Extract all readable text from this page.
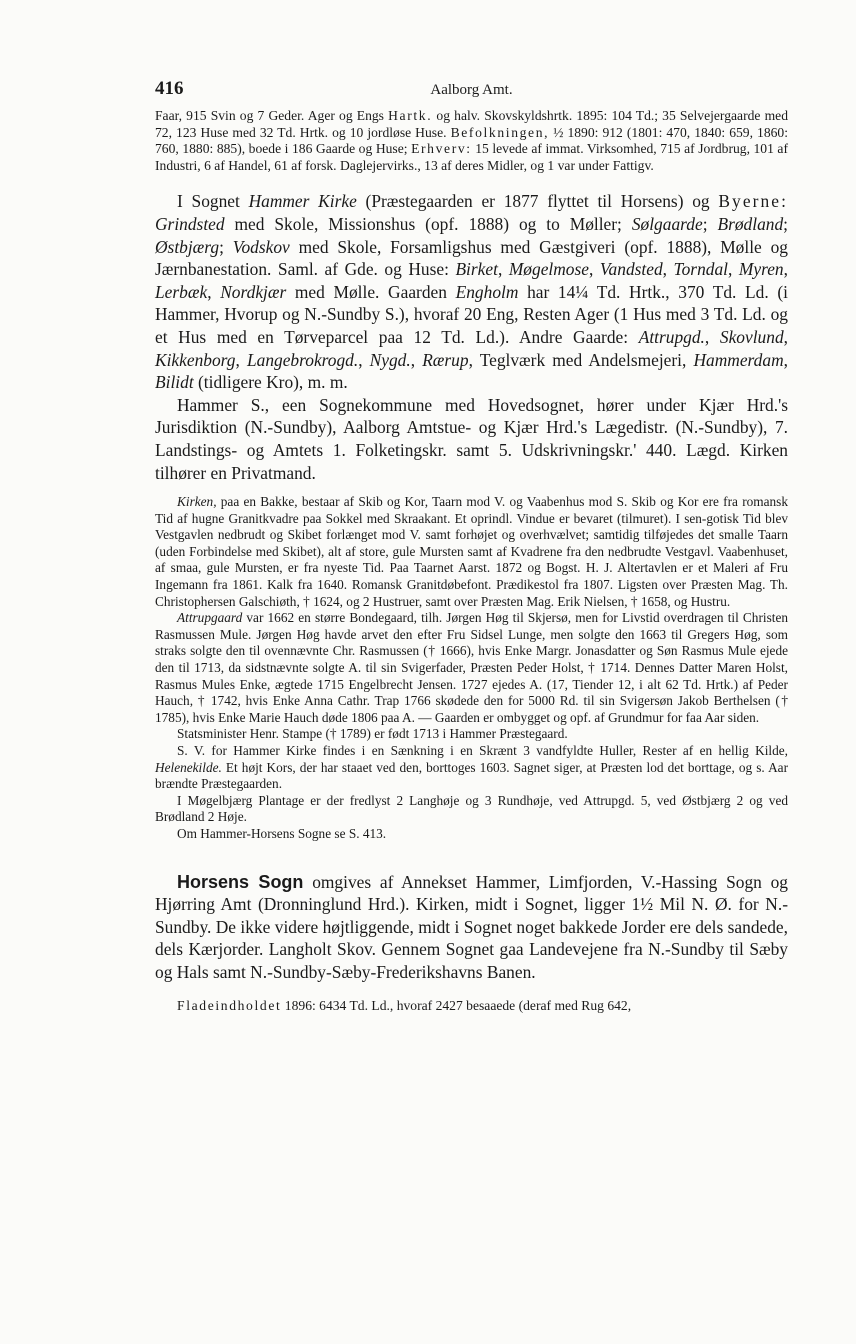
416	Aalborg Amt.

Faar, 915 Svin og 7 Geder. Ager og Engs Hartk. og halv. Skovskyldshrtk. 1895: 104 Td.; 35 Selvejergaarde med 72, 123 Huse med 32 Td. Hrtk. og 10 jordløse Huse. Befolkningen, ½ 1890: 912 (1801: 470, 1840: 659, 1860: 760, 1880: 885), boede i 186 Gaarde og Huse; Erhverv: 15 levede af immat. Virksomhed, 715 af Jordbrug, 101 af Industri, 6 af Handel, 61 af forsk. Daglejervirks., 13 af deres Midler, og 1 var under Fattigv.

I Sognet Hammer Kirke (Præstegaarden er 1877 flyttet til Horsens) og Byerne: Grindsted med Skole, Missionshus (opf. 1888) og to Møller; Sølgaarde; Brødland; Østbjærg; Vodskov med Skole, Forsamligshus med Gæstgiveri (opf. 1888), Mølle og Jærnbanestation. Saml. af Gde. og Huse: Birket, Møgelmose, Vandsted, Torndal, Myren, Lerbæk, Nordkjær med Mølle. Gaarden Engholm har 14¼ Td. Hrtk., 370 Td. Ld. (i Hammer, Hvorup og N.-Sundby S.), hvoraf 20 Eng, Resten Ager (1 Hus med 3 Td. Ld. og et Hus med en Tørveparcel paa 12 Td. Ld.). Andre Gaarde: Attrupgd., Skovlund, Kikkenborg, Langebrokrogd., Nygd., Rærup, Teglværk med Andelsmejeri, Hammerdam, Bilidt (tidligere Kro), m. m.

Hammer S., een Sognekommune med Hovedsognet, hører under Kjær Hrd.'s Jurisdiktion (N.-Sundby), Aalborg Amtstue- og Kjær Hrd.'s Lægedistr. (N.-Sundby), 7. Landstings- og Amtets 1. Folketingskr. samt 5. Udskrivningskr.' 440. Lægd. Kirken tilhører en Privatmand.

Kirken, paa en Bakke, bestaar af Skib og Kor, Taarn mod V. og Vaabenhus mod S. Skib og Kor ere fra romansk Tid af hugne Granitkvadre paa Sokkel med Skraakant. Et oprindl. Vindue er bevaret (tilmuret). I sen-gotisk Tid blev Vestgavlen nedbrudt og Skibet forlænget mod V. samt forhøjet og overhvælvet; samtidig tilføjedes det smalle Taarn (uden Forbindelse med Skibet), alt af store, gule Mursten samt af Kvadrene fra den nedbrudte Vestgavl. Vaabenhuset, af smaa, gule Mursten, er fra nyeste Tid. Paa Taarnet Aarst. 1872 og Bogst. H. J. Altertavlen er et Maleri af Fru Ingemann fra 1861. Kalk fra 1640. Romansk Granitdøbefont. Prædikestol fra 1807. Ligsten over Præsten Mag. Th. Christophersen Galschiøth, † 1624, og 2 Hustruer, samt over Præsten Mag. Erik Nielsen, † 1658, og Hustru.

Attrupgaard var 1662 en større Bondegaard, tilh. Jørgen Høg til Skjersø, men for Livstid overdragen til Christen Rasmussen Mule. Jørgen Høg havde arvet den efter Fru Sidsel Lunge, men solgte den 1663 til Gregers Høg, som straks solgte den til ovennævnte Chr. Rasmussen († 1666), hvis Enke Margr. Jonasdatter og Søn Rasmus Mule ejede den til 1713, da sidstnævnte solgte A. til sin Svigerfader, Præsten Peder Holst, † 1714. Dennes Datter Maren Holst, Rasmus Mules Enke, ægtede 1715 Engelbrecht Jensen. 1727 ejedes A. (17, Tiender 12, i alt 62 Td. Hrtk.) af Peder Hauch, † 1742, hvis Enke Anna Cathr. Trap 1766 skødede den for 5000 Rd. til sin Svigersøn Jakob Berthelsen († 1785), hvis Enke Marie Hauch døde 1806 paa A. — Gaarden er ombygget og opf. af Grundmur for faa Aar siden.

Statsminister Henr. Stampe († 1789) er født 1713 i Hammer Præstegaard.

S. V. for Hammer Kirke findes i en Sænkning i en Skrænt 3 vandfyldte Huller, Rester af en hellig Kilde, Helenekilde. Et højt Kors, der har staaet ved den, borttoges 1603. Sagnet siger, at Præsten lod det borttage, og s. Aar brændte Præstegaarden.

I Møgelbjærg Plantage er der fredlyst 2 Langhøje og 3 Rundhøje, ved Attrupgd. 5, ved Østbjærg 2 og ved Brødland 2 Høje.

Om Hammer-Horsens Sogne se S. 413.

Horsens Sogn omgives af Annekset Hammer, Limfjorden, V.-Hassing Sogn og Hjørring Amt (Dronninglund Hrd.). Kirken, midt i Sognet, ligger 1½ Mil N. Ø. for N.-Sundby. De ikke videre højtliggende, midt i Sognet noget bakkede Jorder ere dels sandede, dels Kærjorder. Langholt Skov. Gennem Sognet gaa Landevejene fra N.-Sundby til Sæby og Hals samt N.-Sundby-Sæby-Frederikshavns Banen.

Fladeindholdet 1896: 6434 Td. Ld., hvoraf 2427 besaaede (deraf med Rug 642,
